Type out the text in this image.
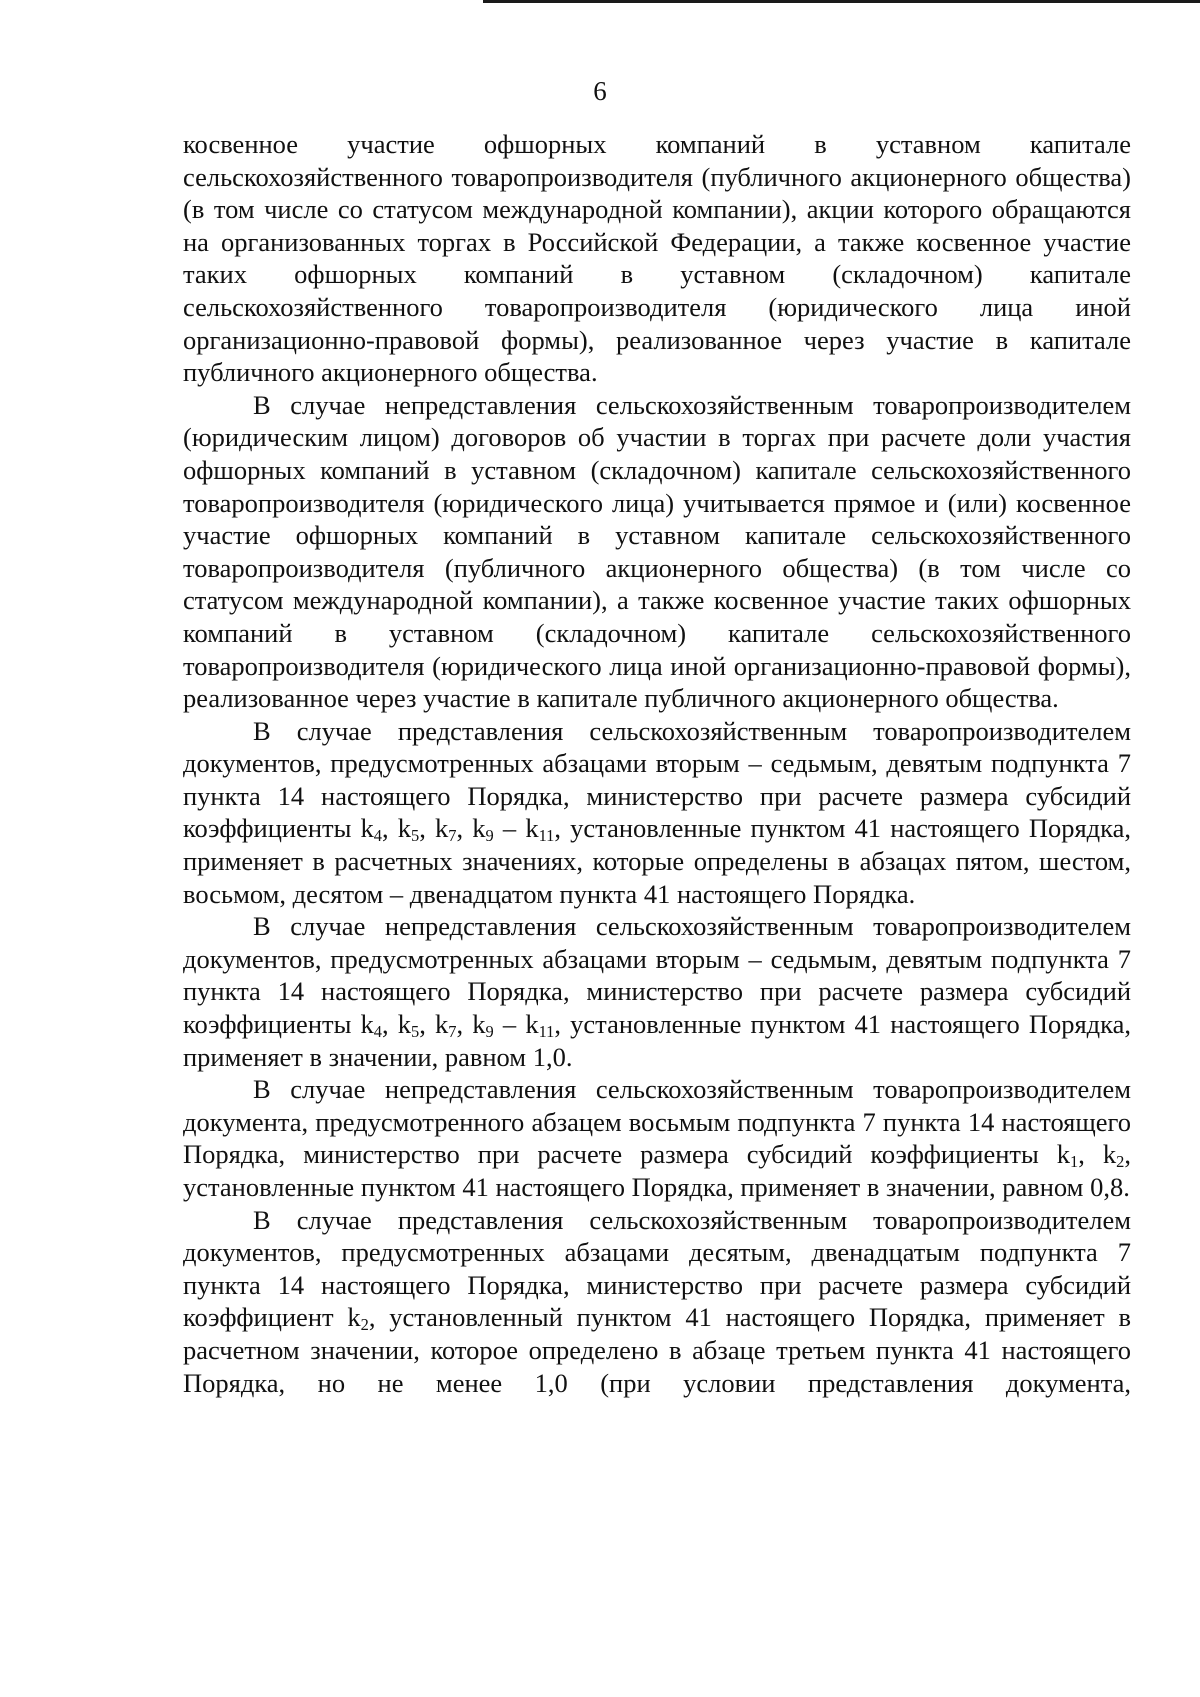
6

косвенное участие офшорных компаний в уставном капитале сельскохозяйственного товаропроизводителя (публичного акционерного общества) (в том числе со статусом международной компании), акции которого обращаются на организованных торгах в Российской Федерации, а также косвенное участие таких офшорных компаний в уставном (складочном) капитале сельскохозяйственного товаропроизводителя (юридического лица иной организационно-правовой формы), реализованное через участие в капитале публичного акционерного общества.

В случае непредставления сельскохозяйственным товаропроизводителем (юридическим лицом) договоров об участии в торгах при расчете доли участия офшорных компаний в уставном (складочном) капитале сельскохозяйственного товаропроизводителя (юридического лица) учитывается прямое и (или) косвенное участие офшорных компаний в уставном капитале сельскохозяйственного товаропроизводителя (публичного акционерного общества) (в том числе со статусом международной компании), а также косвенное участие таких офшорных компаний в уставном (складочном) капитале сельскохозяйственного товаропроизводителя (юридического лица иной организационно-правовой формы), реализованное через участие в капитале публичного акционерного общества.

В случае представления сельскохозяйственным товаропроизводителем документов, предусмотренных абзацами вторым – седьмым, девятым подпункта 7 пункта 14 настоящего Порядка, министерство при расчете размера субсидий коэффициенты $k_4$, $k_5$, $k_7$, $k_9 - k_{11}$, установленные пунктом 41 настоящего Порядка, применяет в расчетных значениях, которые определены в абзацах пятом, шестом, восьмом, десятом – двенадцатом пункта 41 настоящего Порядка.

В случае непредставления сельскохозяйственным товаропроизводителем документов, предусмотренных абзацами вторым – седьмым, девятым подпункта 7 пункта 14 настоящего Порядка, министерство при расчете размера субсидий коэффициенты $k_4$, $k_5$, $k_7$, $k_9 - k_{11}$, установленные пунктом 41 настоящего Порядка, применяет в значении, равном 1,0.

В случае непредставления сельскохозяйственным товаропроизводителем документа, предусмотренного абзацем восьмым подпункта 7 пункта 14 настоящего Порядка, министерство при расчете размера субсидий коэффициенты $k_1$, $k_2$, установленные пунктом 41 настоящего Порядка, применяет в значении, равном 0,8.

В случае представления сельскохозяйственным товаропроизводителем документов, предусмотренных абзацами десятым, двенадцатым подпункта 7 пункта 14 настоящего Порядка, министерство при расчете размера субсидий коэффициент $k_2$, установленный пунктом 41 настоящего Порядка, применяет в расчетном значении, которое определено в абзаце третьем пункта 41 настоящего Порядка, но не менее 1,0 (при условии представления документа,
